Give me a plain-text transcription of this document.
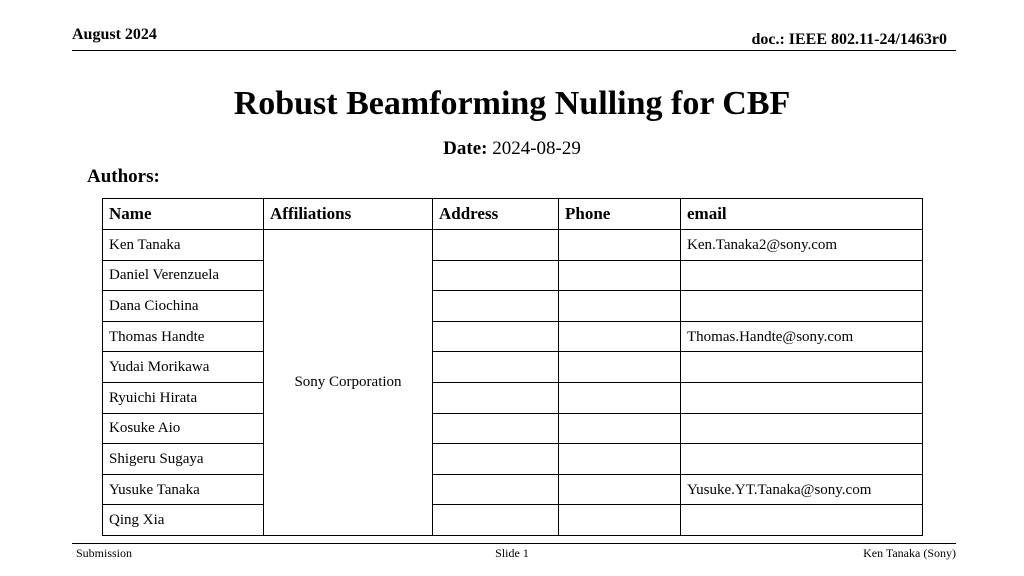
August 2024	doc.: IEEE 802.11-24/1463r0
Robust Beamforming Nulling for CBF
Date: 2024-08-29
Authors:
Name	Affiliations	Address	Phone	email
Ken Tanaka	Sony Corporation			Ken.Tanaka2@sony.com
Daniel Verenzuela				
Dana Ciochina				
Thomas Handte				Thomas.Handte@sony.com
Yudai Morikawa				
Ryuichi Hirata				
Kosuke Aio				
Shigeru Sugaya				
Yusuke Tanaka				Yusuke.YT.Tanaka@sony.com
Qing Xia				
Submission	Slide 1	Ken Tanaka (Sony)
